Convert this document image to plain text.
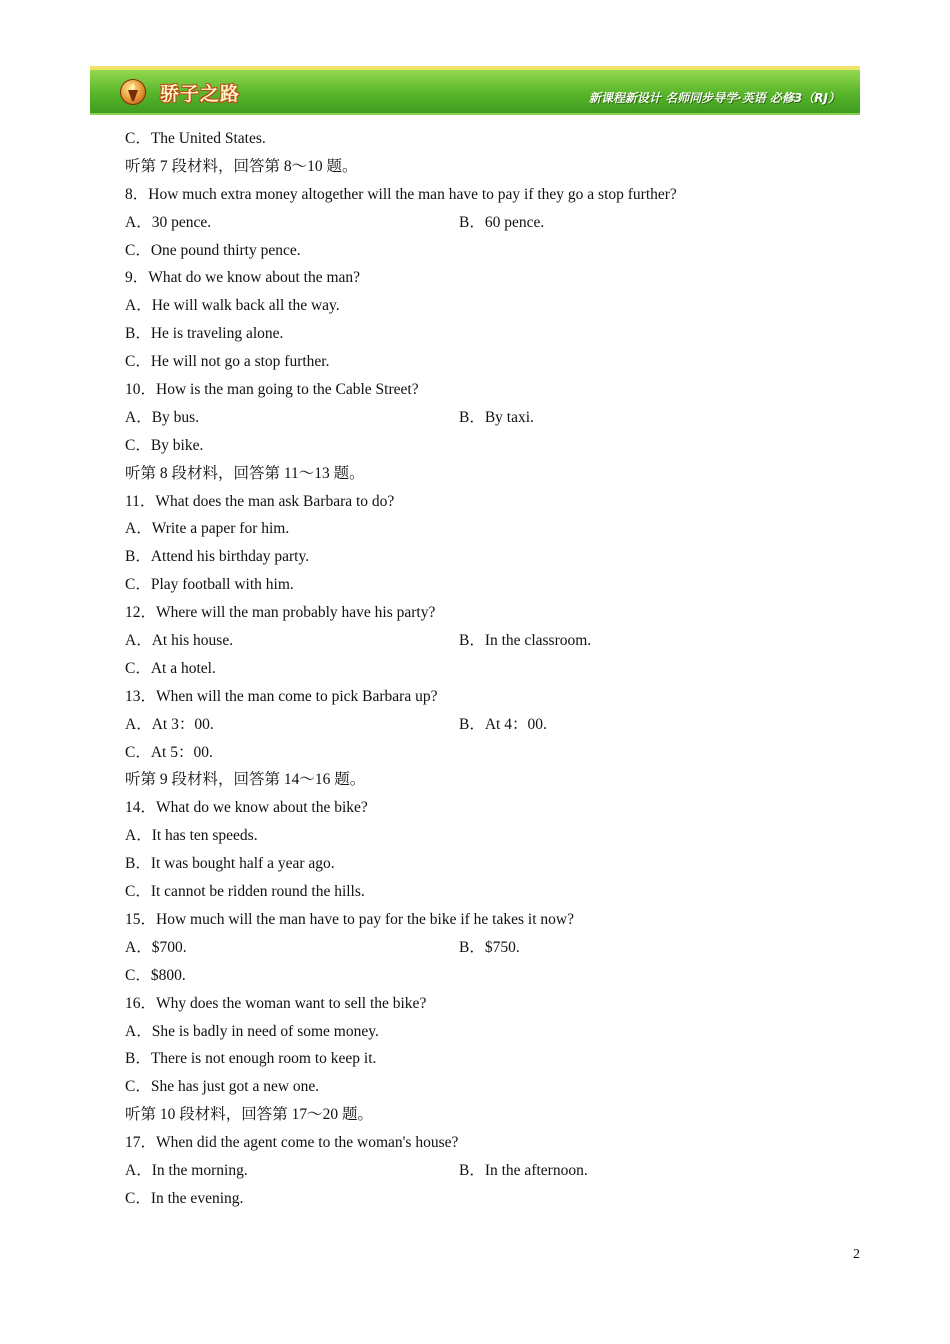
骄子之路	新课程新设计 名师同步导学·英语 必修3（RJ）
C．The United States.
听第 7 段材料，回答第 8～10 题。
8．How much extra money altogether will the man have to pay if they go a stop further?
A．30 pence.	B．60 pence.
C．One pound thirty pence.
9．What do we know about the man?
A．He will walk back all the way.
B．He is traveling alone.
C．He will not go a stop further.
10．How is the man going to the Cable Street?
A．By bus.	B．By taxi.
C．By bike.
听第 8 段材料，回答第 11～13 题。
11．What does the man ask Barbara to do?
A．Write a paper for him.
B．Attend his birthday party.
C．Play football with him.
12．Where will the man probably have his party?
A．At his house.	B．In the classroom.
C．At a hotel.
13．When will the man come to pick Barbara up?
A．At 3：00.	B．At 4：00.
C．At 5：00.
听第 9 段材料，回答第 14～16 题。
14．What do we know about the bike?
A．It has ten speeds.
B．It was bought half a year ago.
C．It cannot be ridden round the hills.
15．How much will the man have to pay for the bike if he takes it now?
A．$700.	B．$750.
C．$800.
16．Why does the woman want to sell the bike?
A．She is badly in need of some money.
B．There is not enough room to keep it.
C．She has just got a new one.
听第 10 段材料，回答第 17～20 题。
17．When did the agent come to the woman's house?
A．In the morning.	B．In the afternoon.
C．In the evening.
2
